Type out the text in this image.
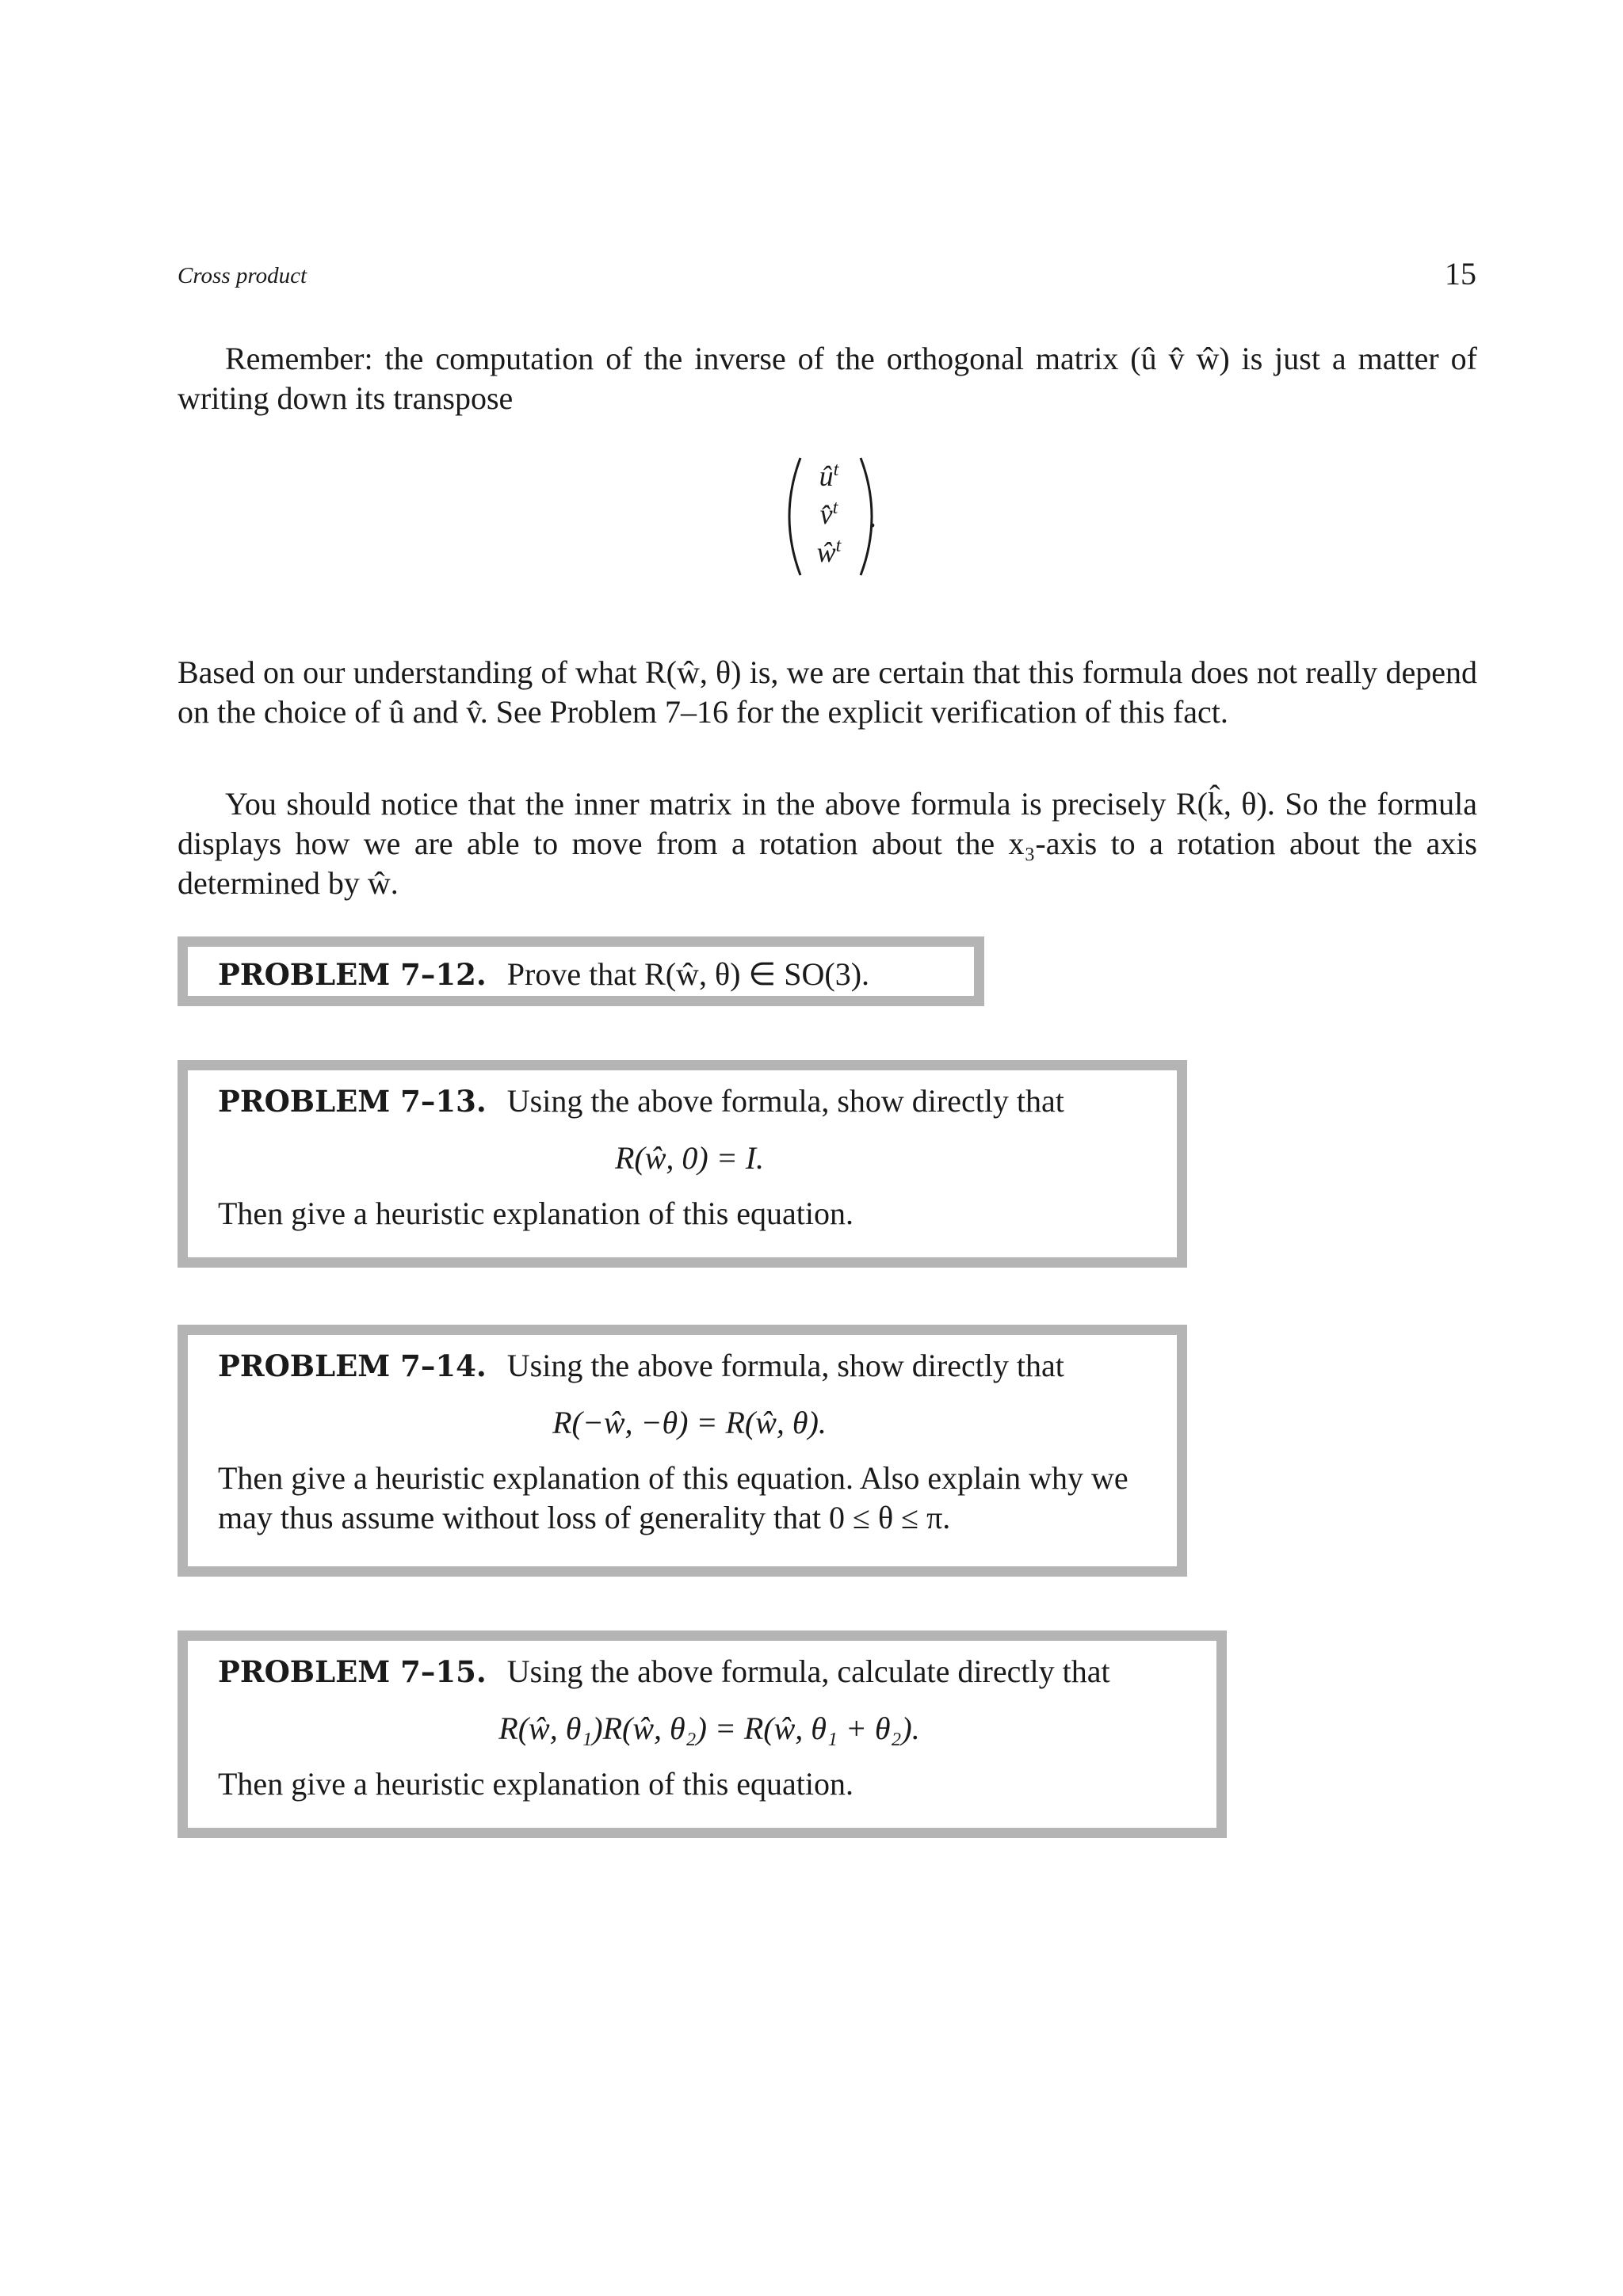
Cross product	15
Remember: the computation of the inverse of the orthogonal matrix (û v̂ ŵ) is just a matter of writing down its transpose
$û^t$
v̂$^t$
$ŵ^t$
.
Based on our understanding of what R(ŵ, θ) is, we are certain that this formula does not really depend on the choice of û and v̂. See Problem 7–16 for the explicit verification of this fact.
You should notice that the inner matrix in the above formula is precisely R(k̂, θ). So the formula displays how we are able to move from a rotation about the x₃-axis to a rotation about the axis determined by ŵ.
PROBLEM 7–12. Prove that R(ŵ, θ) ∈ SO(3).
PROBLEM 7–13. Using the above formula, show directly that
R(ŵ, 0) = I.
Then give a heuristic explanation of this equation.
PROBLEM 7–14. Using the above formula, show directly that
R(−ŵ, −θ) = R(ŵ, θ).
Then give a heuristic explanation of this equation. Also explain why we may thus assume without loss of generality that 0 ≤ θ ≤ π.
PROBLEM 7–15. Using the above formula, calculate directly that
R(ŵ, θ₁)R(ŵ, θ₂) = R(ŵ, θ₁ + θ₂).
Then give a heuristic explanation of this equation.
